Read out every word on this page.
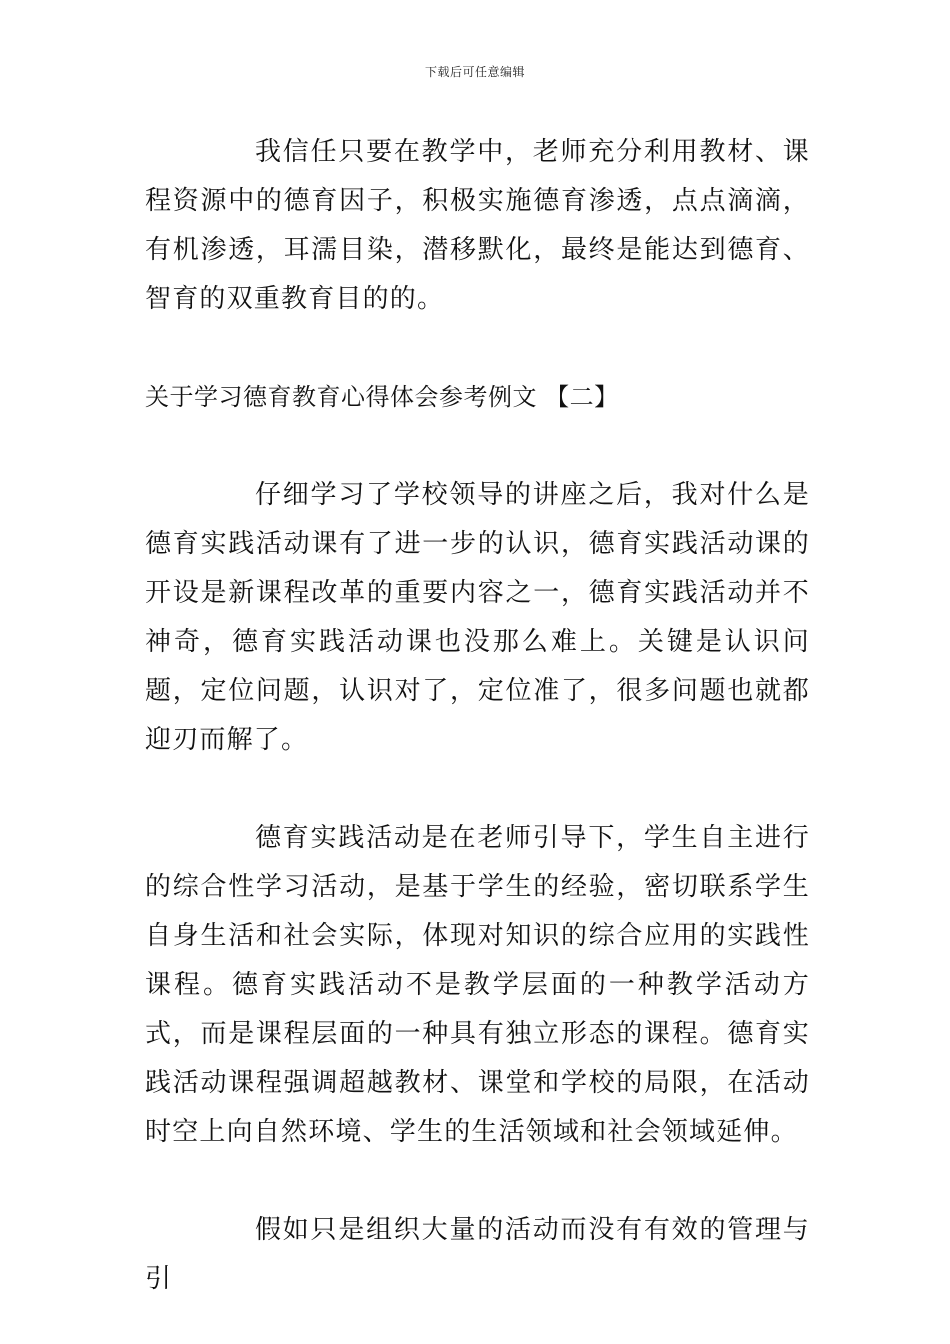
下载后可任意编辑

我信任只要在教学中，老师充分利用教材、课程资源中的德育因子，积极实施德育渗透，点点滴滴，有机渗透，耳濡目染，潜移默化，最终是能达到德育、智育的双重教育目的的。

关于学习德育教育心得体会参考例文 【二】

仔细学习了学校领导的讲座之后，我对什么是德育实践活动课有了进一步的认识，德育实践活动课的开设是新课程改革的重要内容之一，德育实践活动并不神奇，德育实践活动课也没那么难上。关键是认识问题，定位问题，认识对了，定位准了，很多问题也就都迎刃而解了。

德育实践活动是在老师引导下，学生自主进行的综合性学习活动，是基于学生的经验，密切联系学生自身生活和社会实际，体现对知识的综合应用的实践性课程。德育实践活动不是教学层面的一种教学活动方式，而是课程层面的一种具有独立形态的课程。德育实践活动课程强调超越教材、课堂和学校的局限，在活动时空上向自然环境、学生的生活领域和社会领域延伸。

假如只是组织大量的活动而没有有效的管理与引
